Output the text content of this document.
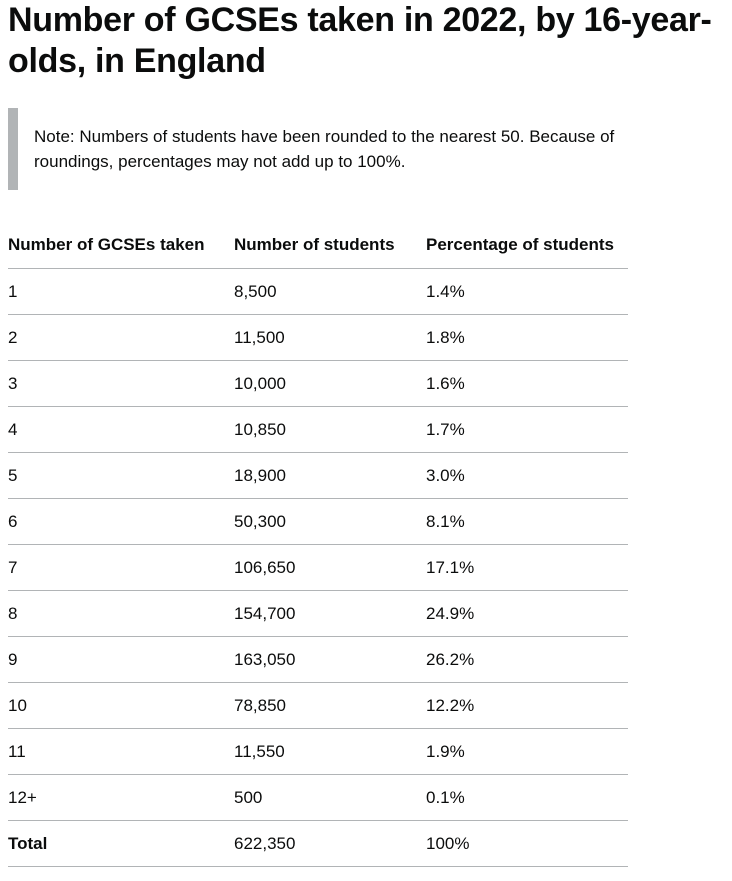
Number of GCSEs taken in 2022, by 16-year-olds, in England

Note: Numbers of students have been rounded to the nearest 50. Because of roundings, percentages may not add up to 100%.

Number of GCSEs taken	Number of students	Percentage of students
1	8,500	1.4%
2	11,500	1.8%
3	10,000	1.6%
4	10,850	1.7%
5	18,900	3.0%
6	50,300	8.1%
7	106,650	17.1%
8	154,700	24.9%
9	163,050	26.2%
10	78,850	12.2%
11	11,550	1.9%
12+	500	0.1%
Total	622,350	100%
